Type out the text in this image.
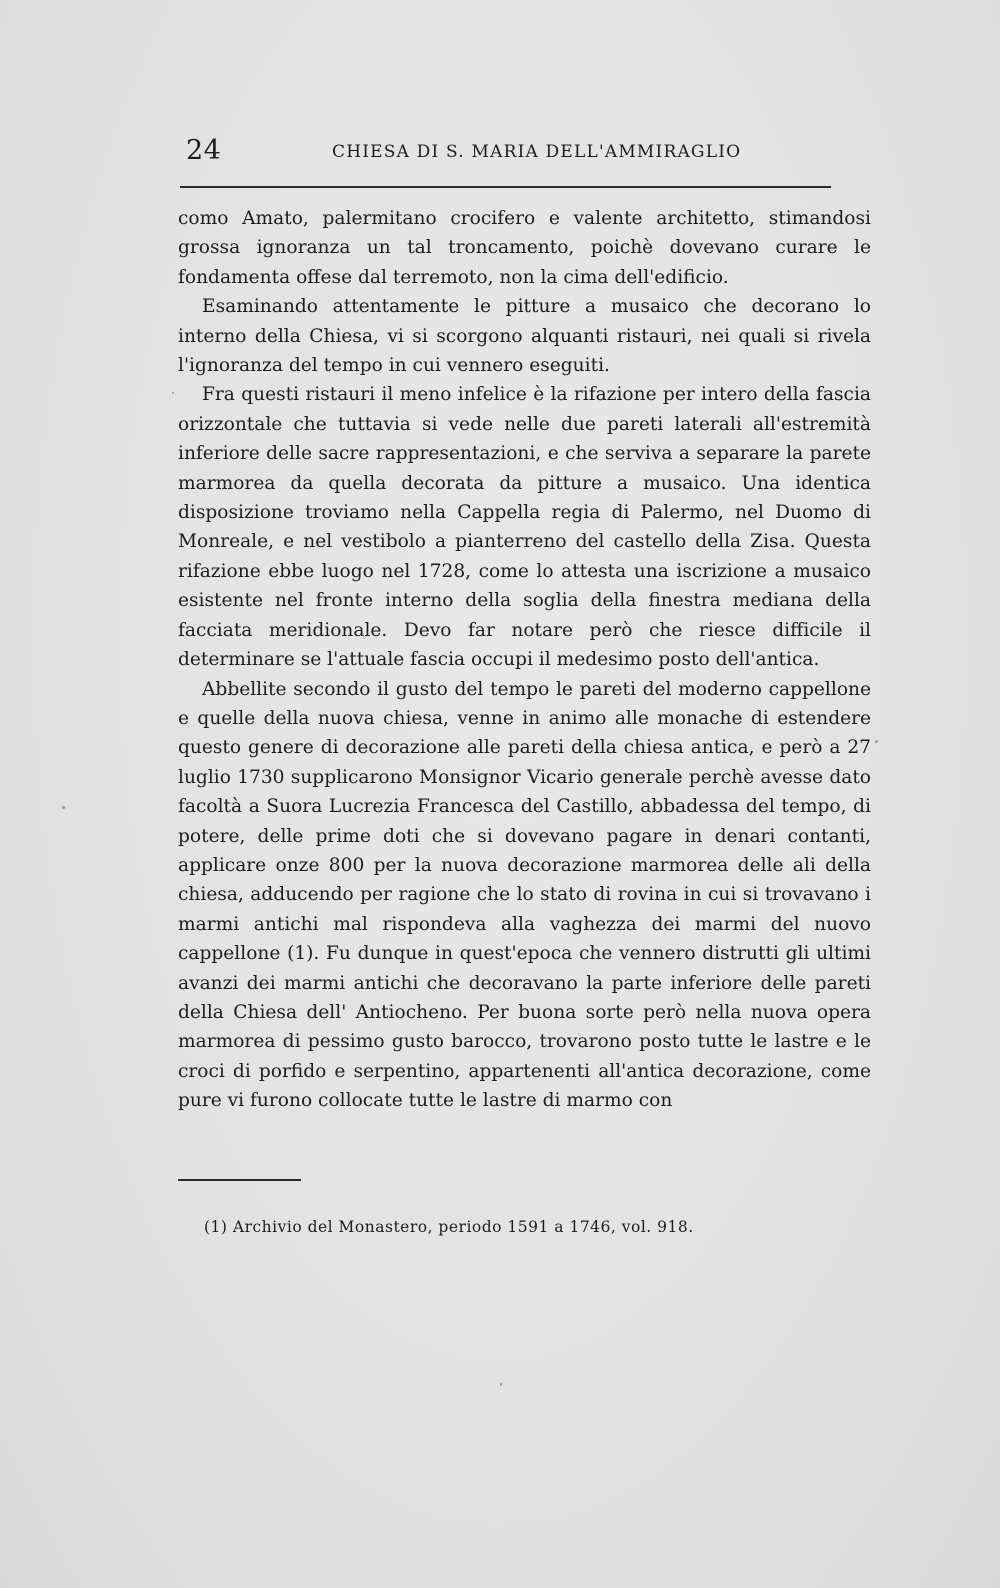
24	CHIESA DI S. MARIA DELL'AMMIRAGLIO

como Amato, palermitano crocifero e valente architetto, stimandosi grossa ignoranza un tal troncamento, poichè dovevano curare le fondamenta offese dal terremoto, non la cima dell'edificio.

Esaminando attentamente le pitture a musaico che decorano lo interno della Chiesa, vi si scorgono alquanti ristauri, nei quali si rivela l'ignoranza del tempo in cui vennero eseguiti.

Fra questi ristauri il meno infelice è la rifazione per intero della fascia orizzontale che tuttavia si vede nelle due pareti laterali all'estremità inferiore delle sacre rappresentazioni, e che serviva a separare la parete marmorea da quella decorata da pitture a musaico. Una identica disposizione troviamo nella Cappella regia di Palermo, nel Duomo di Monreale, e nel vestibolo a pianterreno del castello della Zisa. Questa rifazione ebbe luogo nel 1728, come lo attesta una iscrizione a musaico esistente nel fronte interno della soglia della finestra mediana della facciata meridionale. Devo far notare però che riesce difficile il determinare se l'attuale fascia occupi il medesimo posto dell'antica.

Abbellite secondo il gusto del tempo le pareti del moderno cappellone e quelle della nuova chiesa, venne in animo alle monache di estendere questo genere di decorazione alle pareti della chiesa antica, e però a 27 luglio 1730 supplicarono Monsignor Vicario generale perchè avesse dato facoltà a Suora Lucrezia Francesca del Castillo, abbadessa del tempo, di potere, delle prime doti che si dovevano pagare in denari contanti, applicare onze 800 per la nuova decorazione marmorea delle ali della chiesa, adducendo per ragione che lo stato di rovina in cui si trovavano i marmi antichi mal rispondeva alla vaghezza dei marmi del nuovo cappellone (1). Fu dunque in quest'epoca che vennero distrutti gli ultimi avanzi dei marmi antichi che decoravano la parte inferiore delle pareti della Chiesa dell' Antiocheno. Per buona sorte però nella nuova opera marmorea di pessimo gusto barocco, trovarono posto tutte le lastre e le croci di porfido e serpentino, appartenenti all'antica decorazione, come pure vi furono collocate tutte le lastre di marmo con

(1) Archivio del Monastero, periodo 1591 a 1746, vol. 918.
